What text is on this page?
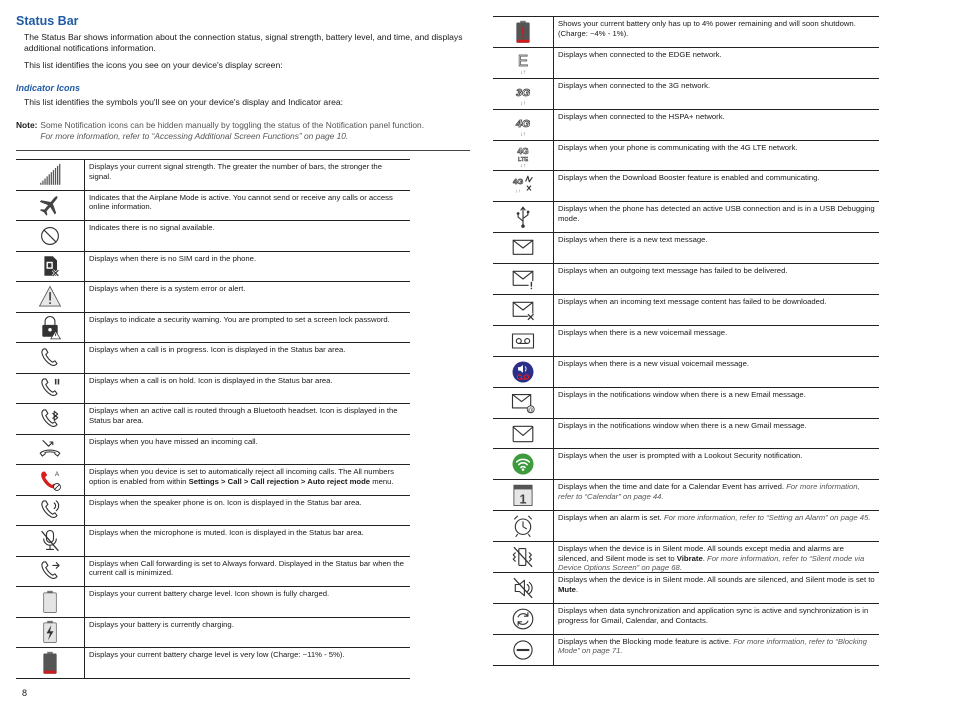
Status Bar

The Status Bar shows information about the connection status, signal strength, battery level, and time, and displays additional notifications information.

This list identifies the icons you see on your device's display screen:

Indicator Icons

This list identifies the symbols you'll see on your device's display and Indicator area:

Note: Some Notification icons can be hidden manually by toggling the status of the Notification panel function.
For more information, refer to “Accessing Additional Screen Functions” on page 10.
Displays your current signal strength. The greater the number of bars, the stronger the signal.
Indicates that the Airplane Mode is active. You cannot send or receive any calls or access online information.
Indicates there is no signal available.
Displays when there is no SIM card in the phone.
Displays when there is a system error or alert.
Displays to indicate a security warning. You are prompted to set a screen lock password.
Displays when a call is in progress. Icon is displayed in the Status bar area.
Displays when a call is on hold. Icon is displayed in the Status bar area.
Displays when an active call is routed through a Bluetooth headset. Icon is displayed in the Status bar area.
Displays when you have missed an incoming call.
A	Displays when you device is set to automatically reject all incoming calls. The All numbers option is enabled from within Settings > Call > Call rejection > Auto reject mode menu.
Displays when the speaker phone is on. Icon is displayed in the Status bar area.
Displays when the microphone is muted. Icon is displayed in the Status bar area.
Displays when Call forwarding is set to Always forward. Displayed in the Status bar when the current call is minimized.
Displays your current battery charge level. Icon shown is fully charged.
Displays your battery is currently charging.
Displays your current battery charge level is very low (Charge: ~11% - 5%).
Shows your current battery only has up to 4% power remaining and will soon shutdown. (Charge: ~4% - 1%).
E
↓↑
Displays when connected to the EDGE network.
3G
↓↑
Displays when connected to the 3G network.
4G
↓↑
Displays when connected to the HSPA+ network.
4G
LTE
↓↑
Displays when your phone is communicating with the 4G LTE network.
4G
↓↑
Displays when the Download Booster feature is enabled and communicating.
Displays when the phone has detected an active USB connection and is in a USB Debugging mode.
Displays when there is a new text message.
Displays when an outgoing text message has failed to be delivered.
Displays when an incoming text message content has failed to be downloaded.
Displays when there is a new voicemail message.
Displays when there is a new visual voicemail message.
@
Displays in the notifications window when there is a new Email message.
Displays in the notifications window when there is a new Gmail message.
Displays when the user is prompted with a Lookout Security notification.
1
Displays when the time and date for a Calendar Event has arrived. For more information, refer to “Calendar” on page 44.
Displays when an alarm is set. For more information, refer to “Setting an Alarm” on page 45.
Displays when the device is in Silent mode. All sounds except media and alarms are silenced, and Silent mode is set to Vibrate. For more information, refer to “Silent mode via Device Options Screen” on page 68.
Displays when the device is in Silent mode. All sounds are silenced, and Silent mode is set to Mute.
Displays when data synchronization and application sync is active and synchronization is in progress for Gmail, Calendar, and Contacts.
Displays when the Blocking mode feature is active. For more information, refer to “Blocking Mode” on page 71.
8
